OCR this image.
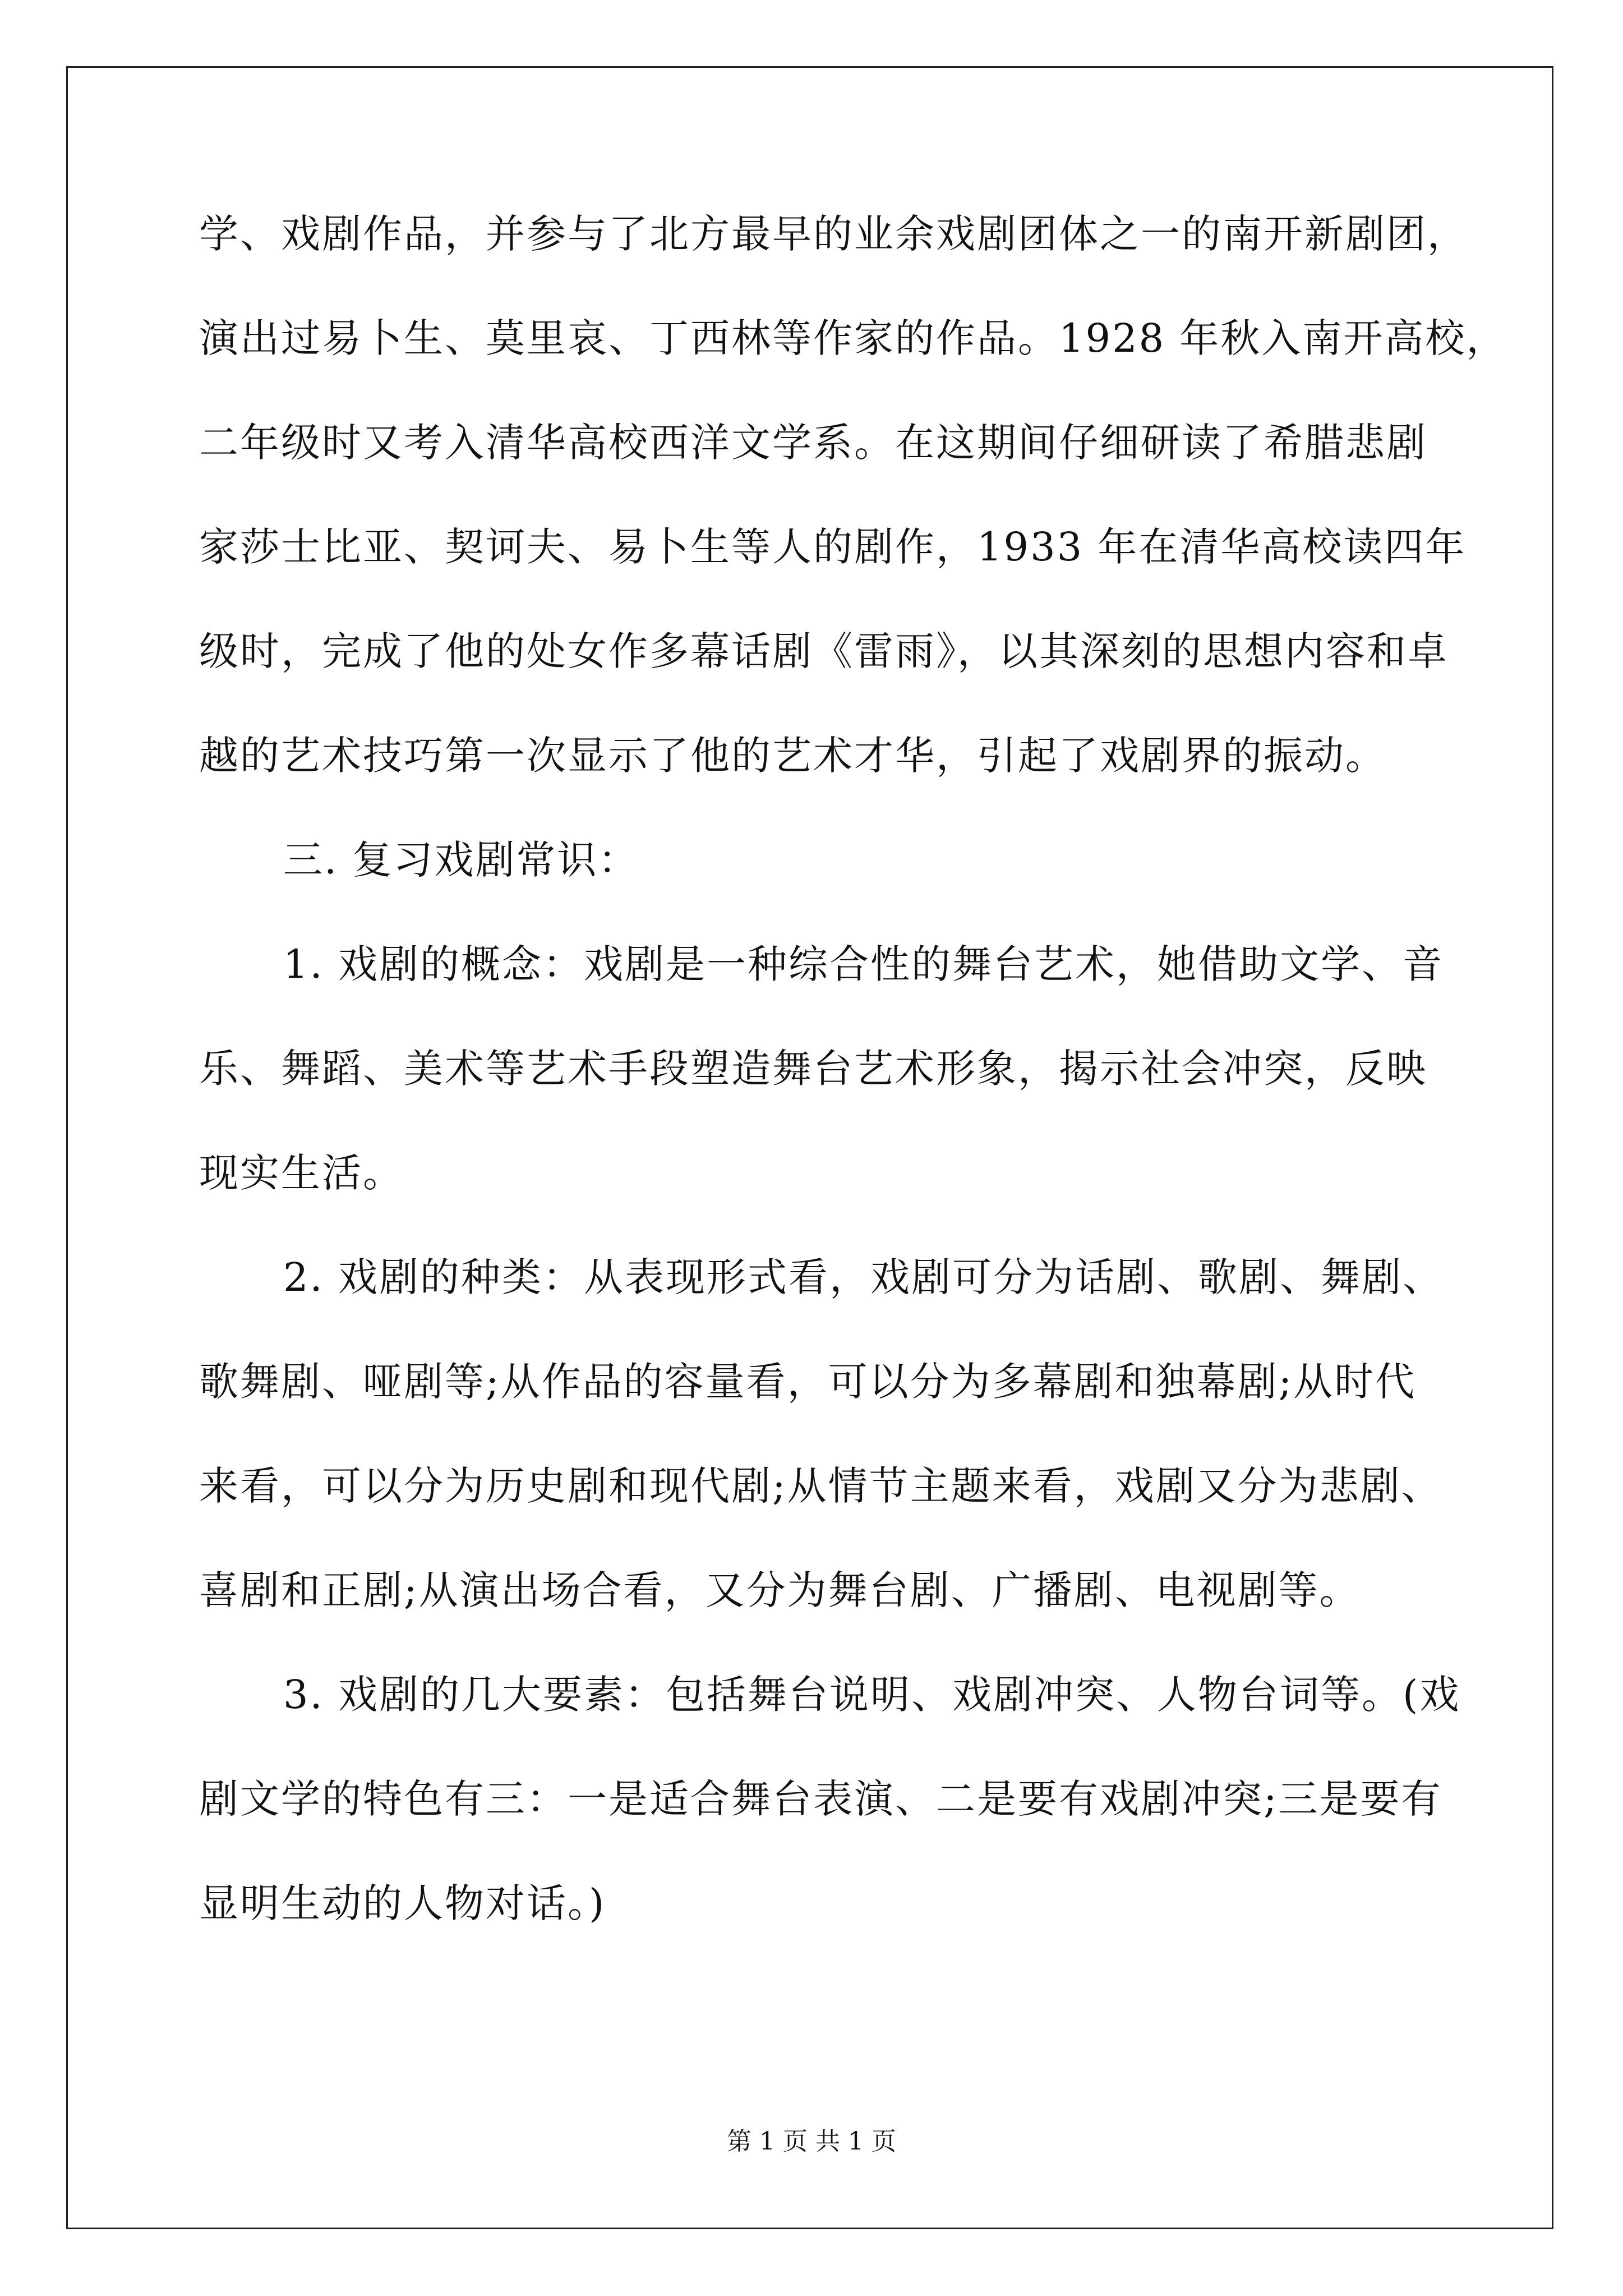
学、戏剧作品，并参与了北方最早的业余戏剧团体之一的南开新剧团，
演出过易卜生、莫里哀、丁西林等作家的作品。1928 年秋入南开高校，
二年级时又考入清华高校西洋文学系。在这期间仔细研读了希腊悲剧
家莎士比亚、契诃夫、易卜生等人的剧作，1933 年在清华高校读四年
级时，完成了他的处女作多幕话剧《雷雨》，以其深刻的思想内容和卓
越的艺术技巧第一次显示了他的艺术才华，引起了戏剧界的振动。
三. 复习戏剧常识：
1. 戏剧的概念：戏剧是一种综合性的舞台艺术，她借助文学、音
乐、舞蹈、美术等艺术手段塑造舞台艺术形象，揭示社会冲突，反映
现实生活。
2. 戏剧的种类：从表现形式看，戏剧可分为话剧、歌剧、舞剧、
歌舞剧、哑剧等;从作品的容量看，可以分为多幕剧和独幕剧;从时代
来看，可以分为历史剧和现代剧;从情节主题来看，戏剧又分为悲剧、
喜剧和正剧;从演出场合看，又分为舞台剧、广播剧、电视剧等。
3. 戏剧的几大要素：包括舞台说明、戏剧冲突、人物台词等。(戏
剧文学的特色有三：一是适合舞台表演、二是要有戏剧冲突;三是要有
显明生动的人物对话。)
第 1 页 共 1 页
